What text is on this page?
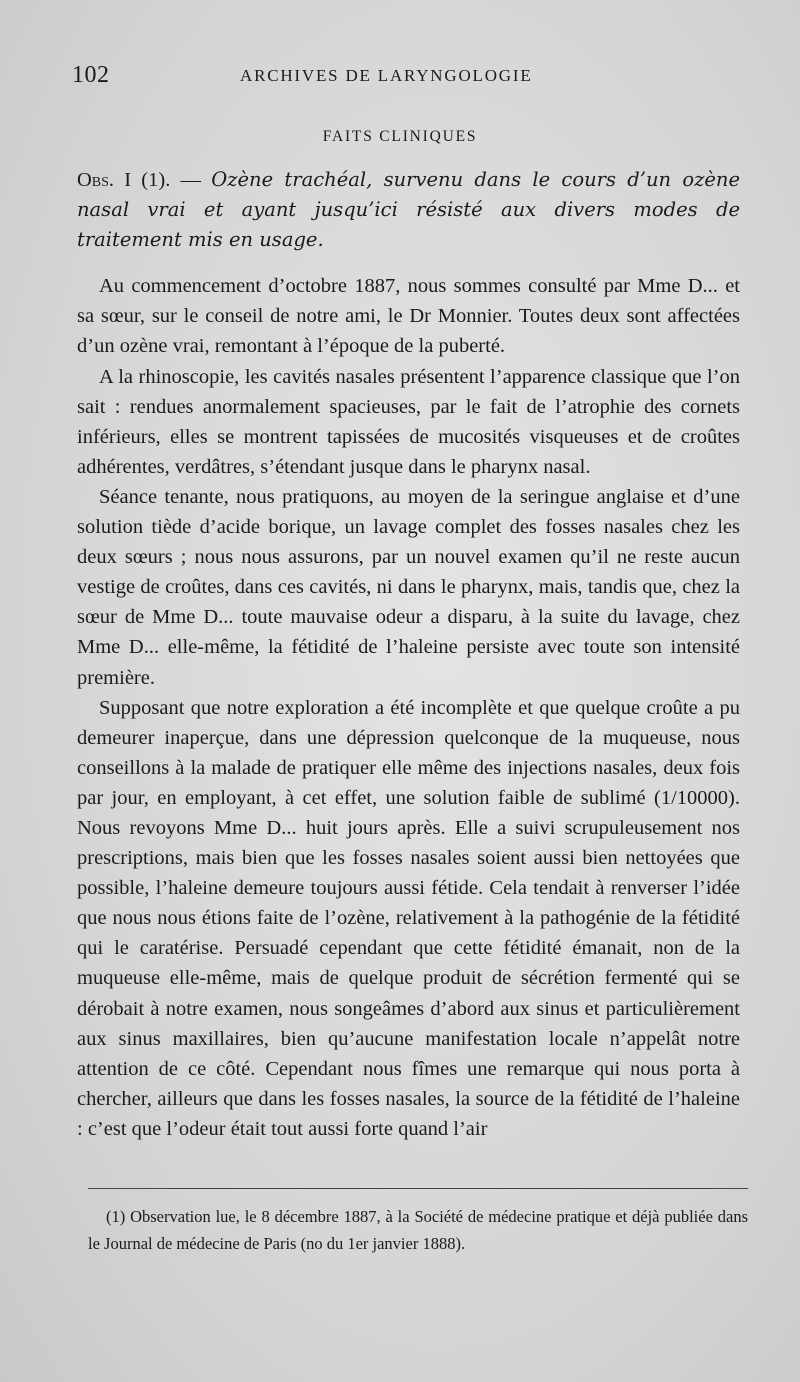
102	ARCHIVES DE LARYNGOLOGIE
FAITS CLINIQUES

Obs. I (1). — Ozène trachéal, survenu dans le cours d’un ozène nasal vrai et ayant jusqu’ici résisté aux divers modes de traitement mis en usage.

Au commencement d’octobre 1887, nous sommes consulté par Mme D... et sa sœur, sur le conseil de notre ami, le Dr Monnier. Toutes deux sont affectées d’un ozène vrai, remontant à l’époque de la puberté.

A la rhinoscopie, les cavités nasales présentent l’apparence classique que l’on sait : rendues anormalement spacieuses, par le fait de l’atrophie des cornets inférieurs, elles se montrent tapissées de mucosités visqueuses et de croûtes adhérentes, verdâtres, s’étendant jusque dans le pharynx nasal.

Séance tenante, nous pratiquons, au moyen de la seringue anglaise et d’une solution tiède d’acide borique, un lavage complet des fosses nasales chez les deux sœurs ; nous nous assurons, par un nouvel examen qu’il ne reste aucun vestige de croûtes, dans ces cavités, ni dans le pharynx, mais, tandis que, chez la sœur de Mme D... toute mauvaise odeur a disparu, à la suite du lavage, chez Mme D... elle-même, la fétidité de l’haleine persiste avec toute son intensité première.

Supposant que notre exploration a été incomplète et que quelque croûte a pu demeurer inaperçue, dans une dépression quelconque de la muqueuse, nous conseillons à la malade de pratiquer elle même des injections nasales, deux fois par jour, en employant, à cet effet, une solution faible de sublimé (1/10000). Nous revoyons Mme D... huit jours après. Elle a suivi scrupuleusement nos prescriptions, mais bien que les fosses nasales soient aussi bien nettoyées que possible, l’haleine demeure toujours aussi fétide. Cela tendait à renverser l’idée que nous nous étions faite de l’ozène, relativement à la pathogénie de la fétidité qui le caratérise. Persuadé cependant que cette fétidité émanait, non de la muqueuse elle-même, mais de quelque produit de sécrétion fermenté qui se dérobait à notre examen, nous songeâmes d’abord aux sinus et particulièrement aux sinus maxillaires, bien qu’aucune manifestation locale n’appelât notre attention de ce côté. Cependant nous fîmes une remarque qui nous porta à chercher, ailleurs que dans les fosses nasales, la source de la fétidité de l’haleine : c’est que l’odeur était tout aussi forte quand l’air

(1) Observation lue, le 8 décembre 1887, à la Société de médecine pratique et déjà publiée dans le Journal de médecine de Paris (no du 1er janvier 1888).
